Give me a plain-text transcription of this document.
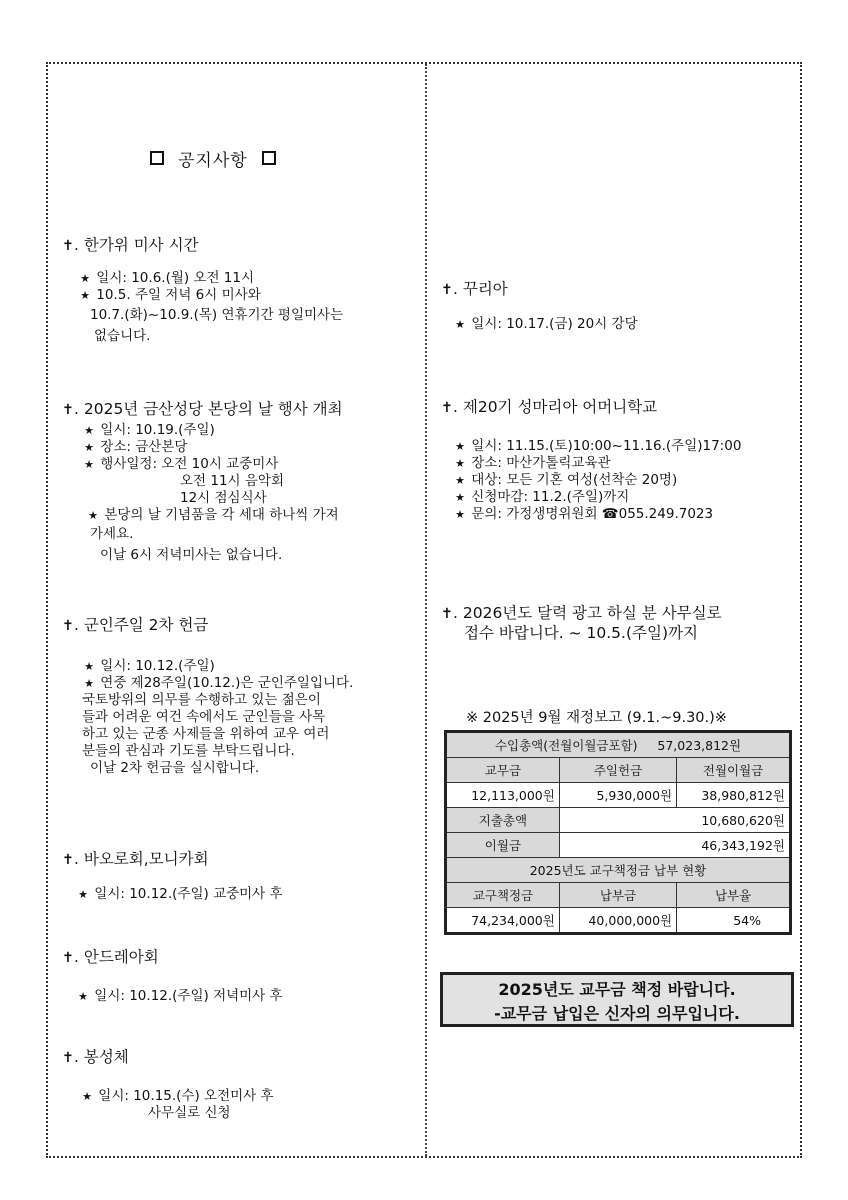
공지사항
✝. 한가위 미사 시간
★ 일시: 10.6.(월) 오전 11시
★ 10.5. 주일 저녁 6시 미사와
10.7.(화)~10.9.(목) 연휴기간 평일미사는
없습니다.
✝. 2025년 금산성당 본당의 날 행사 개최
★ 일시: 10.19.(주일)
★ 장소: 금산본당
★ 행사일정: 오전 10시 교중미사
오전 11시 음악회
12시 점심식사
★ 본당의 날 기념품을 각 세대 하나씩 가져
가세요.
이날 6시 저녁미사는 없습니다.
✝. 군인주일 2차 헌금
★ 일시: 10.12.(주일)
★ 연중 제28주일(10.12.)은 군인주일입니다.
국토방위의 의무를 수행하고 있는 젊은이
들과 어려운 여건 속에서도 군인들을 사목
하고 있는 군종 사제들을 위하여 교우 여러
분들의 관심과 기도를 부탁드립니다.
이날 2차 헌금을 실시합니다.
✝. 바오로회,모니카회
★ 일시: 10.12.(주일) 교중미사 후
✝. 안드레아회
★ 일시: 10.12.(주일) 저녁미사 후
✝. 봉성체
★ 일시: 10.15.(수) 오전미사 후
사무실로 신청
✝. 꾸리아
★ 일시: 10.17.(금) 20시 강당
✝. 제20기 성마리아 어머니학교
★ 일시: 11.15.(토)10:00~11.16.(주일)17:00
★ 장소: 마산가톨릭교육관
★ 대상: 모든 기혼 여성(선착순 20명)
★ 신청마감: 11.2.(주일)까지
★ 문의: 가정생명위원회 ☎055.249.7023
✝. 2026년도 달력 광고 하실 분 사무실로
접수 바랍니다. ~ 10.5.(주일)까지
※ 2025년 9월 재정보고 (9.1.~9.30.)※
수입총액(전월이월금포함) 57,023,812원		
교무금	주일헌금	전월이월금
12,113,000원	5,930,000원	38,980,812원
지출총액	10,680,620원	
이월금	46,343,192원	
2025년도 교구책정금 납부 현황		
교구책정금	납부금	납부율
74,234,000원	40,000,000원	54%
2025년도 교무금 책정 바랍니다.
-교무금 납입은 신자의 의무입니다.
